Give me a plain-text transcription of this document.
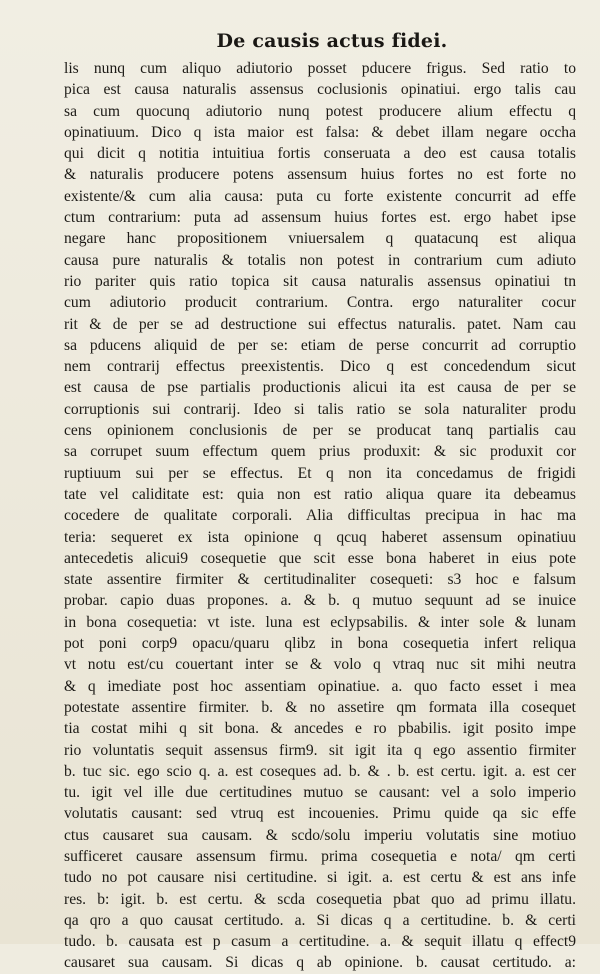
De causis actus fidei.
lis nunq cum aliquo adiutorio posset pducere frigus. Sed ratio to
pica est causa naturalis assensus coclusionis opinatiui. ergo talis cau
sa cum quocunq adiutorio nunq potest producere alium effectu q
opinatiuum. Dico q ista maior est falsa: & debet illam negare occha
qui dicit q notitia intuitiua fortis conseruata a deo est causa totalis
& naturalis producere potens assensum huius fortes no est forte no
existente/& cum alia causa: puta cu forte existente concurrit ad effe
ctum contrarium: puta ad assensum huius fortes est. ergo habet ipse
negare hanc propositionem vniuersalem q quatacunq est aliqua
causa pure naturalis & totalis non potest in contrarium cum adiuto
rio pariter quis ratio topica sit causa naturalis assensus opinatiui tn
cum adiutorio producit contrarium. Contra. ergo naturaliter cocur
rit & de per se ad destructione sui effectus naturalis. patet. Nam cau
sa pducens aliquid de per se: etiam de perse concurrit ad corruptio
nem contrarij effectus preexistentis. Dico q est concedendum sicut
est causa de pse partialis productionis alicui ita est causa de per se
corruptionis sui contrarij. Ideo si talis ratio se sola naturaliter produ
cens opinionem conclusionis de per se producat tanq partialis cau
sa corrupet suum effectum quem prius produxit: & sic produxit cor
ruptiuum sui per se effectus. Et q non ita concedamus de frigidi
tate vel caliditate est: quia non est ratio aliqua quare ita debeamus
cocedere de qualitate corporali. Alia difficultas precipua in hac ma
teria: sequeret ex ista opinione q qcuq haberet assensum opinatiuu
antecedetis alicui9 cosequetie que scit esse bona haberet in eius pote
state assentire firmiter & certitudinaliter cosequeti: s3 hoc e falsum
probar. capio duas propones. a. & b. q mutuo sequunt ad se inuice
in bona cosequetia: vt iste. luna est eclypsabilis. & inter sole & lunam
pot poni corp9 opacu/quaru qlibz in bona cosequetia infert reliqua
vt notu est/cu couertant inter se & volo q vtraq nuc sit mihi neutra
& q imediate post hoc assentiam opinatiue. a. quo facto esset i mea
potestate assentire firmiter. b. & no assetire qm formata illa cosequet
tia costat mihi q sit bona. & ancedes e ro pbabilis. igit posito impe
rio voluntatis sequit assensus firm9. sit igit ita q ego assentio firmiter
b. tuc sic. ego scio q. a. est coseques ad. b. & . b. est certu. igit. a. est cer
tu. igit vel ille due certitudines mutuo se causant: vel a solo imperio
volutatis causant: sed vtruq est incouenies. Primu quide qa sic effe
ctus causaret sua causam. & scdo/solu imperiu volutatis sine motiuo
sufficeret causare assensum firmu. prima cosequetia e nota/ qm certi
tudo no pot causare nisi certitudine. si igit. a. est certu & est ans infe
res. b: igit. b. est certu. & scda cosequetia pbat quo ad primu illatu.
qa qro a quo causat certitudo. a. Si dicas q a certitudine. b. & certi
tudo. b. causata est p casum a certitudine. a. & sequit illatu q effect9
causaret sua causam. Si dicas q ab opinione. b. causat certitudo. a:
